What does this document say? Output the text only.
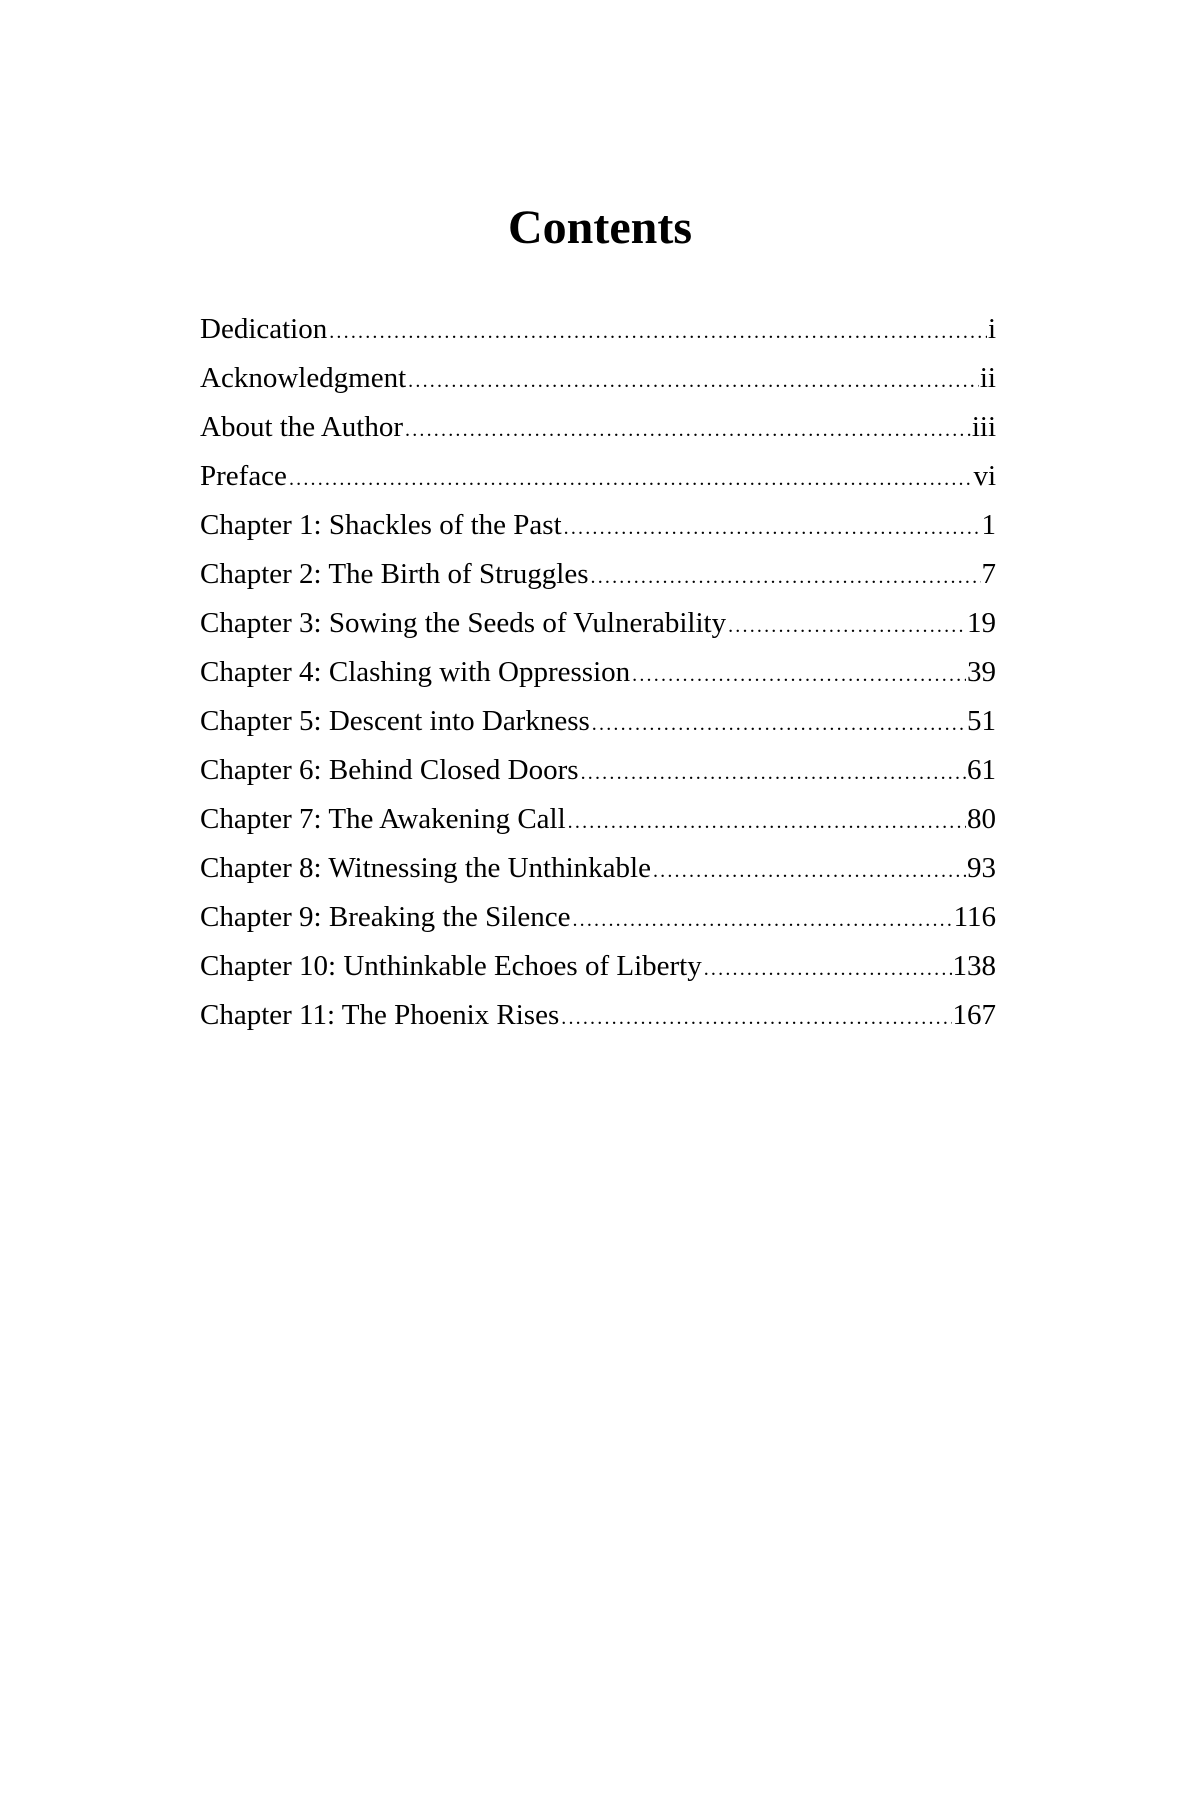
Contents
Dedication .....	i
Acknowledgment .....	ii
About the Author .....	iii
Preface .....	vi
Chapter 1: Shackles of the Past .....	1
Chapter 2: The Birth of Struggles .....	7
Chapter 3: Sowing the Seeds of Vulnerability .....	19
Chapter 4: Clashing with Oppression .....	39
Chapter 5: Descent into Darkness .....	51
Chapter 6: Behind Closed Doors .....	61
Chapter 7: The Awakening Call .....	80
Chapter 8: Witnessing the Unthinkable .....	93
Chapter 9: Breaking the Silence .....	116
Chapter 10: Unthinkable Echoes of Liberty .....	138
Chapter 11: The Phoenix Rises .....	167
